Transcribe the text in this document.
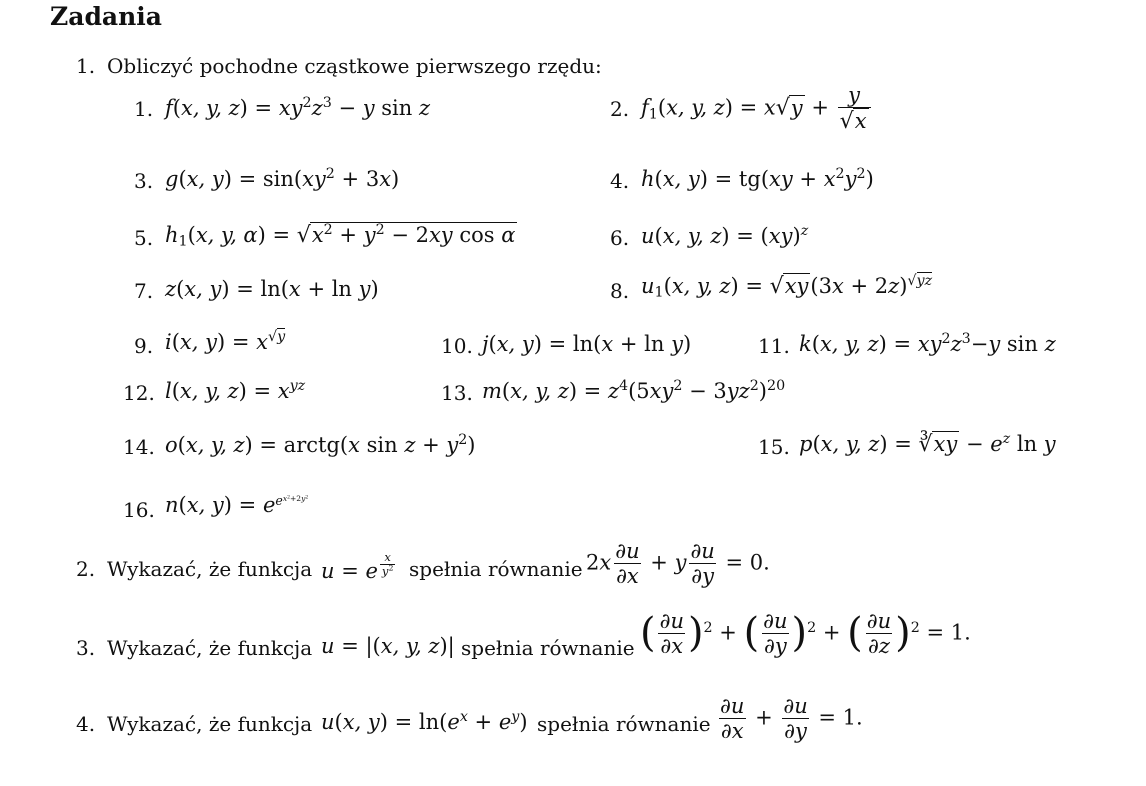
Zadania
1. Obliczyć pochodne cząstkowe pierwszego rzędu:
1. f(x, y, $z) = xy^2z^3 - y$ sin z	2. $f_1(x$, y, $z) = x√y + \frac{y}{√x}$
3. g(x, $y) = \sin(xy^2 + 3x)$	4. h(x, $y) = tg(xy + x^2y^2)$
5. $h_1(x$, y, $\alpha) = √x^2 + y^2 - 2xy$ cos α	6. u(x, y, z) = (xy)$^z$
7. z(x, y) = ln(x + ln y)	8. $u_1(x$, y, $z) = √xy(3x + 2z)^{√yz}$
9. i(x, $y) = x^{√y}$	10. j(x, y) = ln(x + ln y)	11. k(x, y, $z) = xy^2z^3-y$ sin z
12. l(x, y, $z) = x^{yz}$	13. m(x, y, $z) = z^4(5xy^2 - 3yz^2)^{20}$
14. o(x, y, z) = arctg(x $\sin z + y^2$)	15. p(x, y, z) = ∛xy − $e^z$ ln y
16. n(x, $y) = e^{e^{x^2+2y^2}}$
2. Wykazać, że funkcja u = e $^{\frac{x}{y^2}}$ spełnia równanie $2x \frac{\partial u}{\partial x} + y \frac{\partial u}{\partial y} = 0$.
3. Wykazać, że funkcja u = |(x, y, z)| spełnia równanie ( $\frac{\partial u}{\partial x} )^2$ + ( $\frac{\partial u}{\partial y} )^2$ + ( $\frac{\partial u}{\partial z} )^2 = 1$.
4. Wykazać, że funkcja u(x, $y) = \ln(e^x + e^y)$ spełnia równanie $\frac{\partial u}{\partial x} + \frac{\partial u}{\partial y} = 1$.
